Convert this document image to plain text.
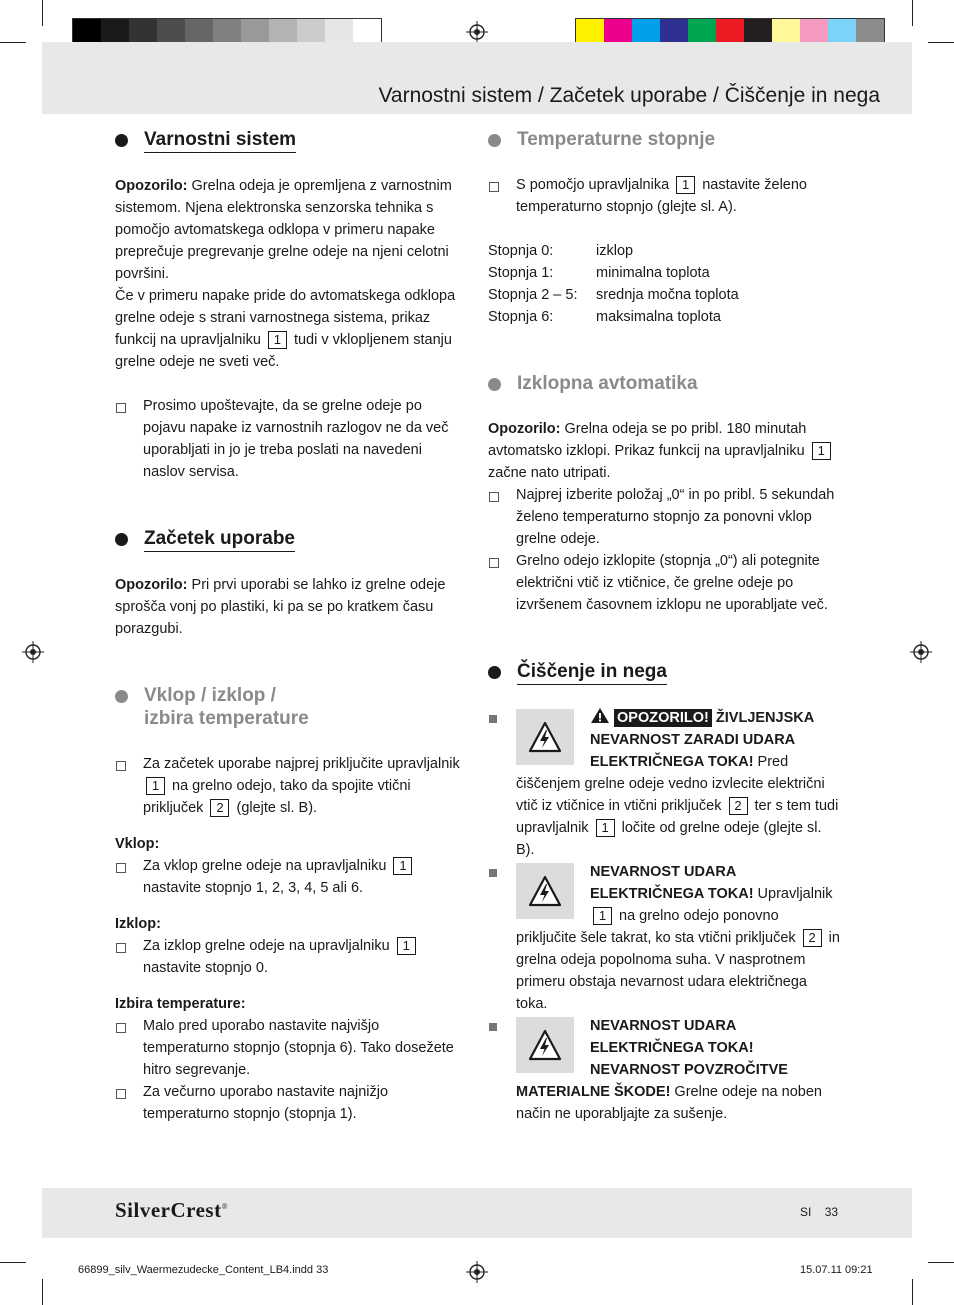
Varnostni sistem / Začetek uporabe / Čiščenje in nega
Varnostni sistem

Opozorilo: Grelna odeja je opremljena z varnostnim sistemom. Njena elektronska senzorska tehnika s pomočjo avtomatskega odklopa v primeru napake preprečuje pregrevanje grelne odeje na njeni celotni površini.

Če v primeru napake pride do avtomatskega odklopa grelne odeje s strani varnostnega sistema, prikaz funkcij na upravljalniku 1 tudi v vklopljenem stanju grelne odeje ne sveti več.

Prosimo upoštevajte, da se grelne odeje po pojavu napake iz varnostnih razlogov ne da več uporabljati in jo je treba poslati na navedeni naslov servisa.

Začetek uporabe

Opozorilo: Pri prvi uporabi se lahko iz grelne odeje sprošča vonj po plastiki, ki pa se po kratkem času porazgubi.

Vklop / izklop /
izbira temperature

Za začetek uporabe najprej priključite upravljalnik 1 na grelno odejo, tako da spojite vtični priključek 2 (glejte sl. B).

Vklop:

Za vklop grelne odeje na upravljalniku 1 nastavite stopnjo 1, 2, 3, 4, 5 ali 6.

Izklop:

Za izklop grelne odeje na upravljalniku 1 nastavite stopnjo 0.

Izbira temperature:

Malo pred uporabo nastavite najvišjo temperaturno stopnjo (stopnja 6). Tako dosežete hitro segrevanje.

Za večurno uporabo nastavite najnižjo temperaturno stopnjo (stopnja 1).

Temperaturne stopnje

S pomočjo upravljalnika 1 nastavite želeno temperaturno stopnjo (glejte sl. A).

Stopnja 0:	izklop
Stopnja 1:	minimalna toplota
Stopnja 2 – 5:	srednja močna toplota
Stopnja 6:	maksimalna toplota
Izklopna avtomatika

Opozorilo: Grelna odeja se po pribl. 180 minutah avtomatsko izklopi. Prikaz funkcij na upravljalniku 1 začne nato utripati.

Najprej izberite položaj „0“ in po pribl. 5 sekundah želeno temperaturno stopnjo za ponovni vklop grelne odeje.

Grelno odejo izklopite (stopnja „0“) ali potegnite električni vtič iz vtičnice, če grelne odeje po izvršenem časovnem izklopu ne uporabljate več.

Čiščenje in nega

OPOZORILO! ŽIVLJENJSKA NEVARNOST ZARADI UDARA ELEKTRIČNEGA TOKA! Pred čiščenjem grelne odeje vedno izvlecite električni vtič iz vtičnice in vtični priključek 2 ter s tem tudi upravljalnik 1 ločite od grelne odeje (glejte sl. B).

NEVARNOST UDARA ELEKTRIČNEGA TOKA! Upravljalnik 1 na grelno odejo ponovno priključite šele takrat, ko sta vtični priključek 2 in grelna odeja popolnoma suha. V nasprotnem primeru obstaja nevarnost udara električnega toka.

NEVARNOST UDARA ELEKTRIČNEGA TOKA! NEVARNOST POVZROČITVE MATERIALNE ŠKODE! Grelne odeje na noben način ne uporabljajte za sušenje.

SilverCrest®	SI 33
66899_silv_Waermezudecke_Content_LB4.indd 33	15.07.11 09:21
